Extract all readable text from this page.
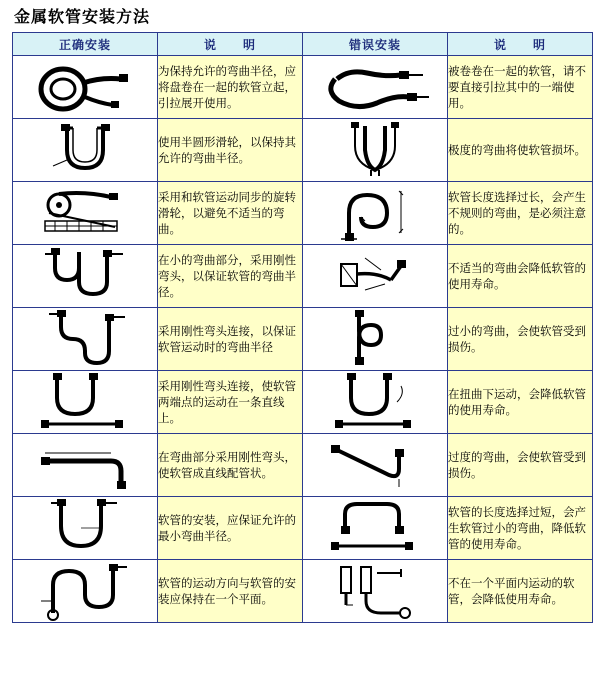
金属软管安装方法
正确安装	说　　明	错误安装	说　　明

	为保持允许的弯曲半径，应将盘卷在一起的软管立起，引拉展开使用。		被卷卷在一起的软管，请不要直接引拉其中的一端使用。

	使用半圆形滑轮，以保持其允许的弯曲半径。		极度的弯曲将使软管损坏。

	采用和软管运动同步的旋转滑轮，以避免不适当的弯曲。		软管长度选择过长，会产生不规则的弯曲，是必须注意的。

	在小的弯曲部分，采用刚性弯头，以保证软管的弯曲半径。		不适当的弯曲会降低软管的使用寿命。

	采用刚性弯头连接，以保证软管运动时的弯曲半径		过小的弯曲，会使软管受到损伤。

	采用刚性弯头连接，使软管两端点的运动在一条直线上。		在扭曲下运动，会降低软管的使用寿命。

	在弯曲部分采用刚性弯头，使软管成直线配管状。		过度的弯曲，会使软管受到损伤。

	软管的安装，应保证允许的最小弯曲半径。		软管的长度选择过短，会产生软管过小的弯曲，降低软管的使用寿命。

	软管的运动方向与软管的安装应保持在一个平面。		不在一个平面内运动的软管，会降低使用寿命。
